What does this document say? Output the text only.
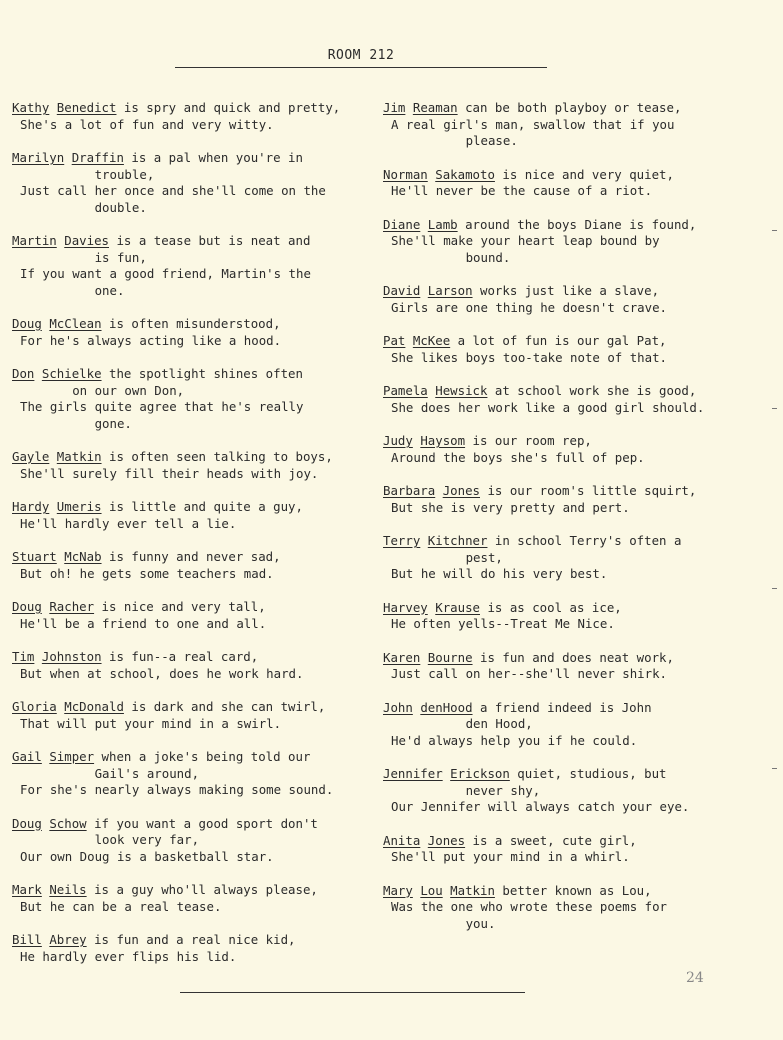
ROOM 212
Kathy Benedict is spry and quick and pretty,
She's a lot of fun and very witty.
Marilyn Draffin is a pal when you're in
trouble,
Just call her once and she'll come on the
double.
Martin Davies is a tease but is neat and
is fun,
If you want a good friend, Martin's the
one.
Doug McClean is often misunderstood,
For he's always acting like a hood.
Don Schielke the spotlight shines often
on our own Don,
The girls quite agree that he's really
gone.
Gayle Matkin is often seen talking to boys,
She'll surely fill their heads with joy.
Hardy Umeris is little and quite a guy,
He'll hardly ever tell a lie.
Stuart McNab is funny and never sad,
But oh! he gets some teachers mad.
Doug Racher is nice and very tall,
He'll be a friend to one and all.
Tim Johnston is fun--a real card,
But when at school, does he work hard.
Gloria McDonald is dark and she can twirl,
That will put your mind in a swirl.
Gail Simper when a joke's being told our
Gail's around,
For she's nearly always making some sound.
Doug Schow if you want a good sport don't
look very far,
Our own Doug is a basketball star.
Mark Neils is a guy who'll always please,
But he can be a real tease.
Bill Abrey is fun and a real nice kid,
He hardly ever flips his lid.
Jim Reaman can be both playboy or tease,
A real girl's man, swallow that if you
please.
Norman Sakamoto is nice and very quiet,
He'll never be the cause of a riot.
Diane Lamb around the boys Diane is found,
She'll make your heart leap bound by
bound.
David Larson works just like a slave,
Girls are one thing he doesn't crave.
Pat McKee a lot of fun is our gal Pat,
She likes boys too-take note of that.
Pamela Hewsick at school work she is good,
She does her work like a good girl should.
Judy Haysom is our room rep,
Around the boys she's full of pep.
Barbara Jones is our room's little squirt,
But she is very pretty and pert.
Terry Kitchner in school Terry's often a
pest,
But he will do his very best.
Harvey Krause is as cool as ice,
He often yells--Treat Me Nice.
Karen Bourne is fun and does neat work,
Just call on her--she'll never shirk.
John denHood a friend indeed is John
den Hood,
He'd always help you if he could.
Jennifer Erickson quiet, studious, but
never shy,
Our Jennifer will always catch your eye.
Anita Jones is a sweet, cute girl,
She'll put your mind in a whirl.
Mary Lou Matkin better known as Lou,
Was the one who wrote these poems for
you.
24
